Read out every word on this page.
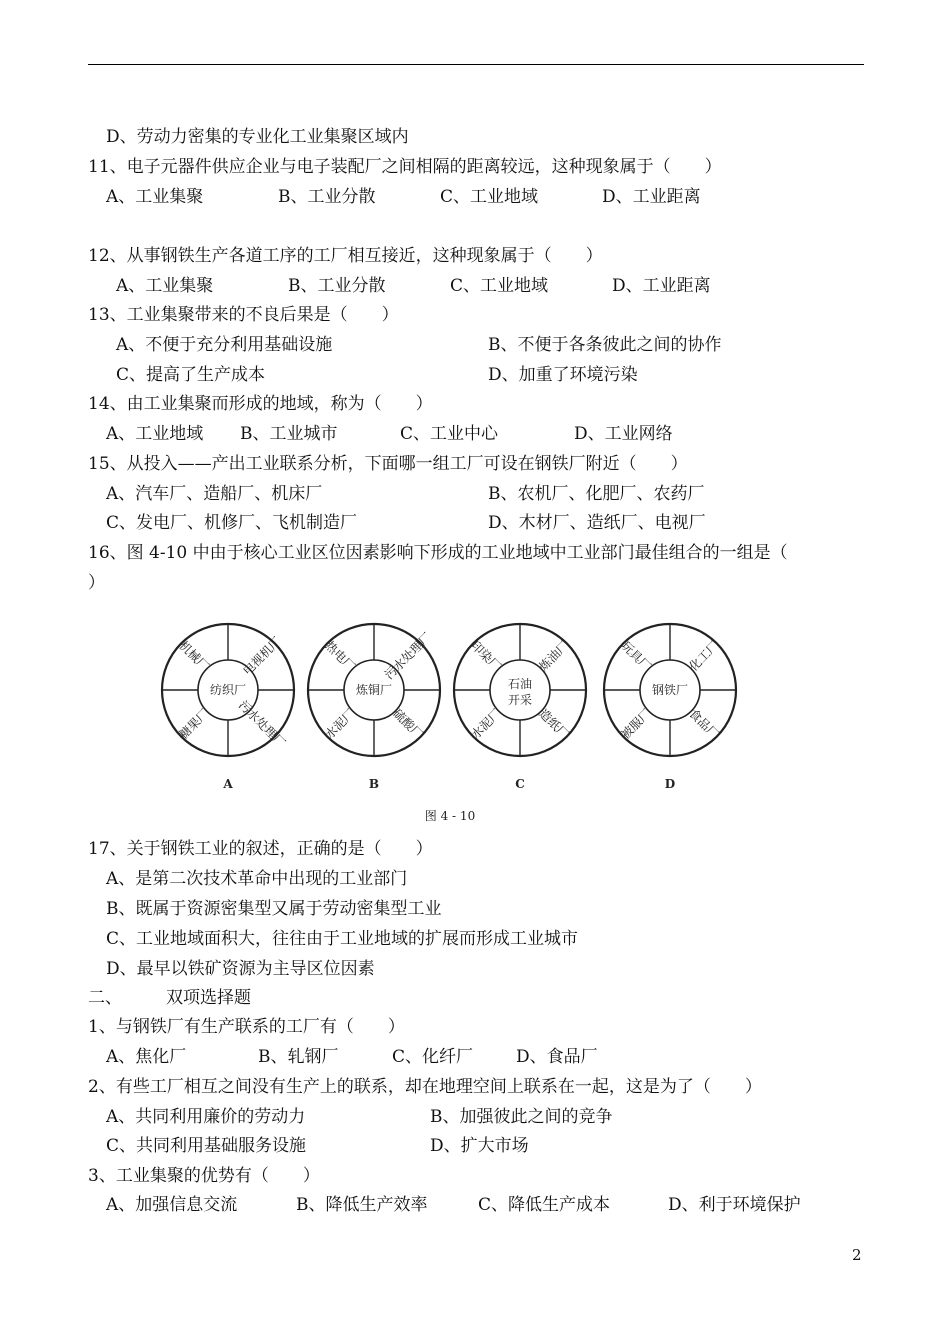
D、劳动力密集的专业化工业集聚区域内
11、电子元器件供应企业与电子装配厂之间相隔的距离较远，这种现象属于（　　）
A、工业集聚	B、工业分散	C、工业地域	D、工业距离
12、从事钢铁生产各道工序的工厂相互接近，这种现象属于（　　）
A、工业集聚	B、工业分散	C、工业地域	D、工业距离
13、工业集聚带来的不良后果是（　　）
A、不便于充分利用基础设施	B、不便于各条彼此之间的协作
C、提高了生产成本	D、加重了环境污染
14、由工业集聚而形成的地域，称为（　　）
A、工业地域 B、工业城市	C、工业中心	D、工业网络
15、从投入——产出工业联系分析，下面哪一组工厂可设在钢铁厂附近（　　）
A、汽车厂、造船厂、机床厂	B、农机厂、化肥厂、农药厂
C、发电厂、机修厂、飞机制造厂	D、木材厂、造纸厂、电视厂
16、图 4-10 中由于核心工业区位因素影响下形成的工业地域中工业部门最佳组合的一组是（
）
机械厂 电视机厂
糖果厂 污水处理厂
纺织厂
A
热电厂 污水处理厂
水泥厂	硫酸厂
炼铜厂
B
印染厂	炼油厂
水泥厂	造纸厂
石油
开采
C
玩具厂	化工厂
被服厂	食品厂
钢铁厂
D
图 4 - 10
17、关于钢铁工业的叙述，正确的是（　　）
A、是第二次技术革命中出现的工业部门
B、既属于资源密集型又属于劳动密集型工业
C、工业地域面积大，往往由于工业地域的扩展而形成工业城市
D、最早以铁矿资源为主导区位因素
二、	双项选择题
1、与钢铁厂有生产联系的工厂有（　　）
A、焦化厂	B、轧钢厂	C、化纤厂	D、食品厂
2、有些工厂相互之间没有生产上的联系，却在地理空间上联系在一起，这是为了（　　）
A、共同利用廉价的劳动力	B、加强彼此之间的竞争
C、共同利用基础服务设施	D、扩大市场
3、工业集聚的优势有（　　）
A、加强信息交流	B、降低生产效率	C、降低生产成本	D、利于环境保护
2
